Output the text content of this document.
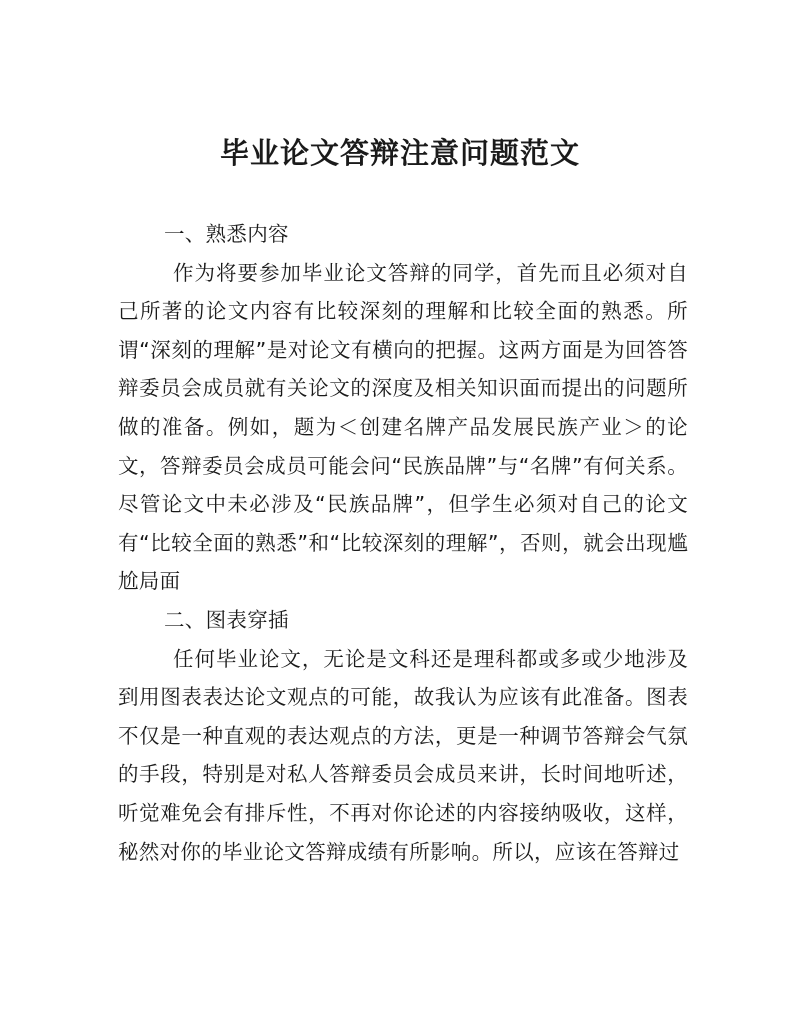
毕业论文答辩注意问题范文

一、熟悉内容

作为将要参加毕业论文答辩的同学，首先而且必须对自己所著的论文内容有比较深刻的理解和比较全面的熟悉。所谓“深刻的理解”是对论文有横向的把握。这两方面是为回答答辩委员会成员就有关论文的深度及相关知识面而提出的问题所做的准备。例如，题为＜创建名牌产品发展民族产业＞的论文，答辩委员会成员可能会问“民族品牌”与“名牌”有何关系。尽管论文中未必涉及“民族品牌”，但学生必须对自己的论文有“比较全面的熟悉”和“比较深刻的理解”，否则，就会出现尴尬局面

二、图表穿插

任何毕业论文，无论是文科还是理科都或多或少地涉及到用图表表达论文观点的可能，故我认为应该有此准备。图表不仅是一种直观的表达观点的方法，更是一种调节答辩会气氛的手段，特别是对私人答辩委员会成员来讲，长时间地听述，听觉难免会有排斥性，不再对你论述的内容接纳吸收，这样，秘然对你的毕业论文答辩成绩有所影响。所以，应该在答辩过
